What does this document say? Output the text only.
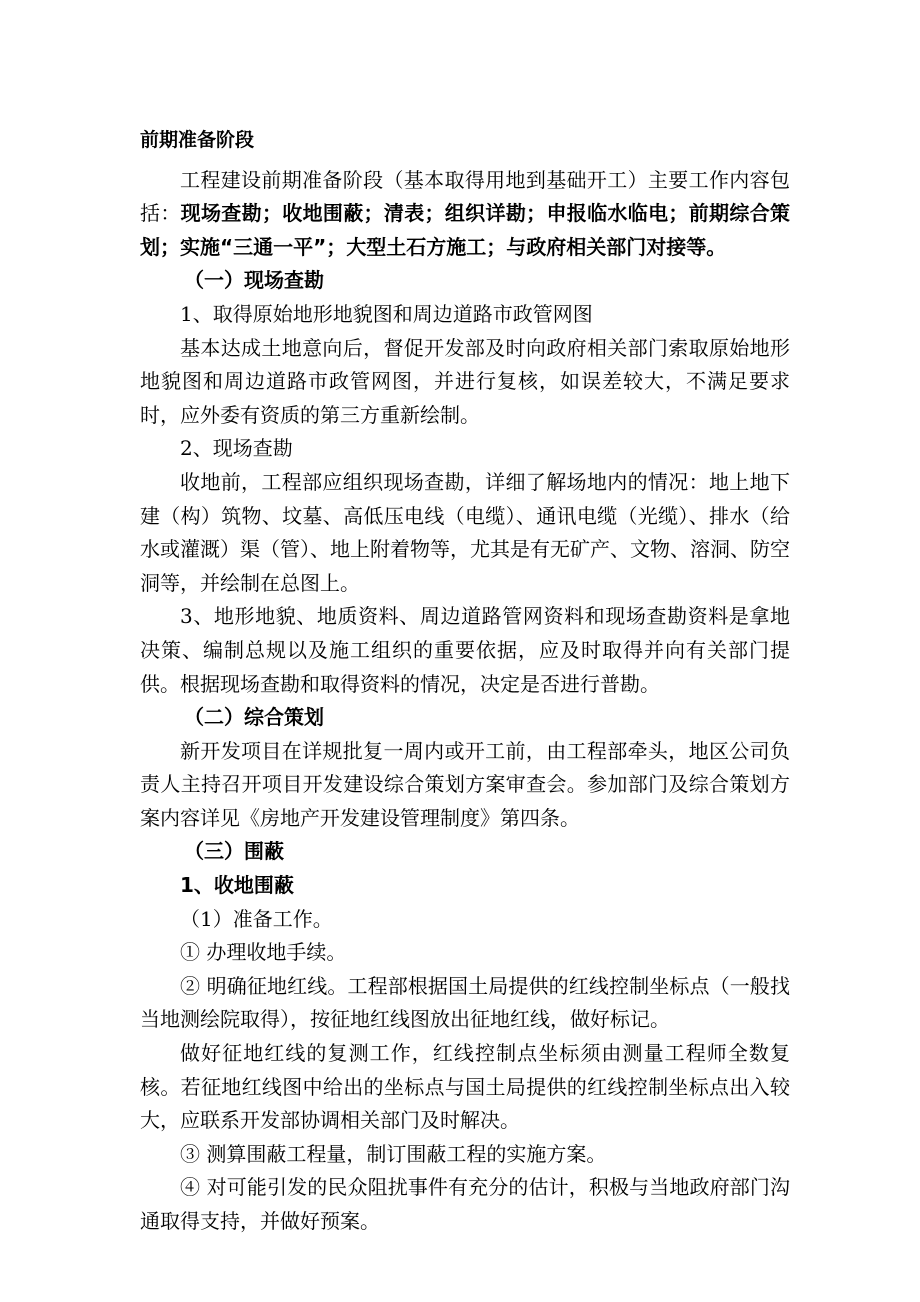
前期准备阶段

工程建设前期准备阶段（基本取得用地到基础开工）主要工作内容包括：现场查勘；收地围蔽；清表；组织详勘；申报临水临电；前期综合策划；实施“三通一平”；大型土石方施工；与政府相关部门对接等。

（一）现场查勘
1、取得原始地形地貌图和周边道路市政管网图

基本达成土地意向后，督促开发部及时向政府相关部门索取原始地形地貌图和周边道路市政管网图，并进行复核，如误差较大，不满足要求时，应外委有资质的第三方重新绘制。

2、现场查勘

收地前，工程部应组织现场查勘，详细了解场地内的情况：地上地下建（构）筑物、坟墓、高低压电线（电缆）、通讯电缆（光缆）、排水（给水或灌溉）渠（管）、地上附着物等，尤其是有无矿产、文物、溶洞、防空洞等，并绘制在总图上。

3、地形地貌、地质资料、周边道路管网资料和现场查勘资料是拿地决策、编制总规以及施工组织的重要依据，应及时取得并向有关部门提供。根据现场查勘和取得资料的情况，决定是否进行普勘。

（二）综合策划

新开发项目在详规批复一周内或开工前，由工程部牵头，地区公司负责人主持召开项目开发建设综合策划方案审查会。参加部门及综合策划方案内容详见《房地产开发建设管理制度》第四条。

（三）围蔽
1、收地围蔽
（1）准备工作。

① 办理收地手续。

② 明确征地红线。工程部根据国土局提供的红线控制坐标点（一般找当地测绘院取得），按征地红线图放出征地红线，做好标记。

做好征地红线的复测工作，红线控制点坐标须由测量工程师全数复核。若征地红线图中给出的坐标点与国土局提供的红线控制坐标点出入较大，应联系开发部协调相关部门及时解决。

③ 测算围蔽工程量，制订围蔽工程的实施方案。

④ 对可能引发的民众阻扰事件有充分的估计，积极与当地政府部门沟通取得支持，并做好预案。
